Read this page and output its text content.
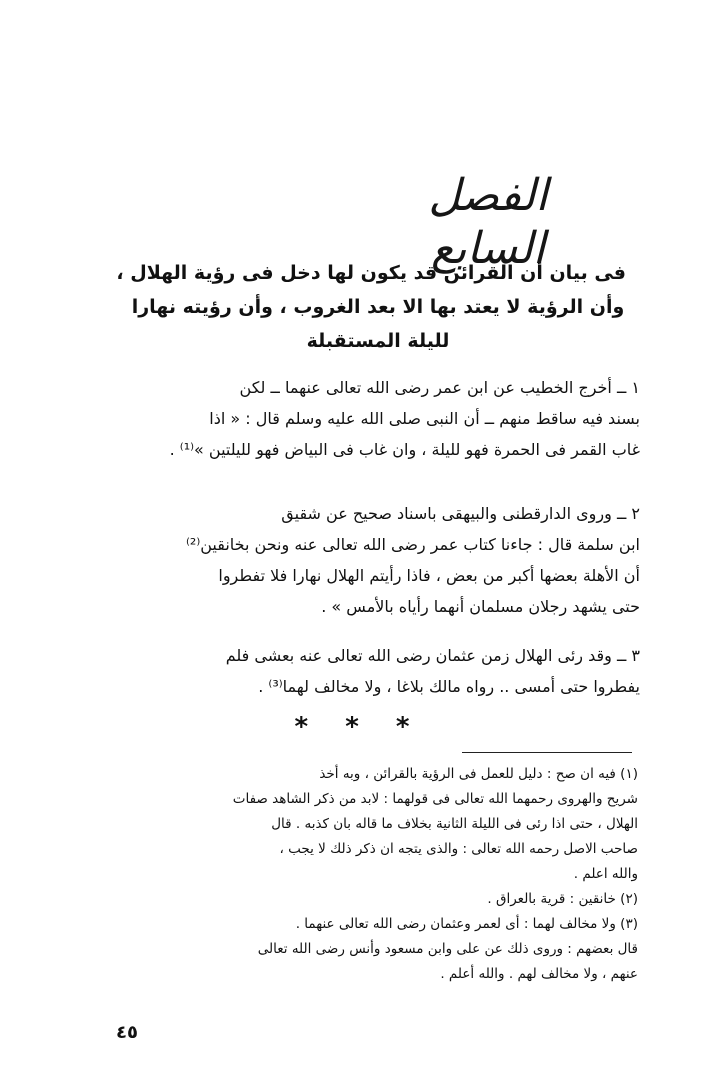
الفصل السابع
فى بيان أن القرائن قد يكون لها دخل فى رؤية الهلال ،
وأن الرؤية لا يعتد بها الا بعد الغروب ، وأن رؤيته نهارا
لليلة المستقبلة
١ ــ أخرج الخطيب عن ابن عمر رضى الله تعالى عنهما ــ لكن
بسند فيه ساقط منهم ــ أن النبى صلى الله عليه وسلم قال : « اذا
غاب القمر فى الحمرة فهو لليلة ، وان غاب فى البياض فهو لليلتين »⁽¹⁾ .
٢ ــ وروى الدارقطنى والبيهقى باسناد صحيح عن شقيق
ابن سلمة قال : جاءنا كتاب عمر رضى الله تعالى عنه ونحن بخانقين⁽²⁾
أن الأهلة بعضها أكبر من بعض ، فاذا رأيتم الهلال نهارا فلا تفطروا
حتى يشهد رجلان مسلمان أنهما رأياه بالأمس » .
٣ ــ وقد رئى الهلال زمن عثمان رضى الله تعالى عنه بعشى فلم
يفطروا حتى أمسى .. رواه مالك بلاغا ، ولا مخالف لهما⁽³⁾ .
* * *
(١) فيه ان صح : دليل للعمل فى الرؤية بالقرائن ، وبه أخذ
شريح والهروى رحمهما الله تعالى فى قولهما : لابد من ذكر الشاهد صفات
الهلال ، حتى اذا رئى فى الليلة الثانية بخلاف ما قاله بان كذبه . قال
صاحب الاصل رحمه الله تعالى : والذى يتجه ان ذكر ذلك لا يجب ،
والله اعلم .
(٢) خانقين : قرية بالعراق .
(٣) ولا مخالف لهما : أى لعمر وعثمان رضى الله تعالى عنهما .
قال بعضهم : وروى ذلك عن على وابن مسعود وأنس رضى الله تعالى
عنهم ، ولا مخالف لهم . والله أعلم .
٤٥
